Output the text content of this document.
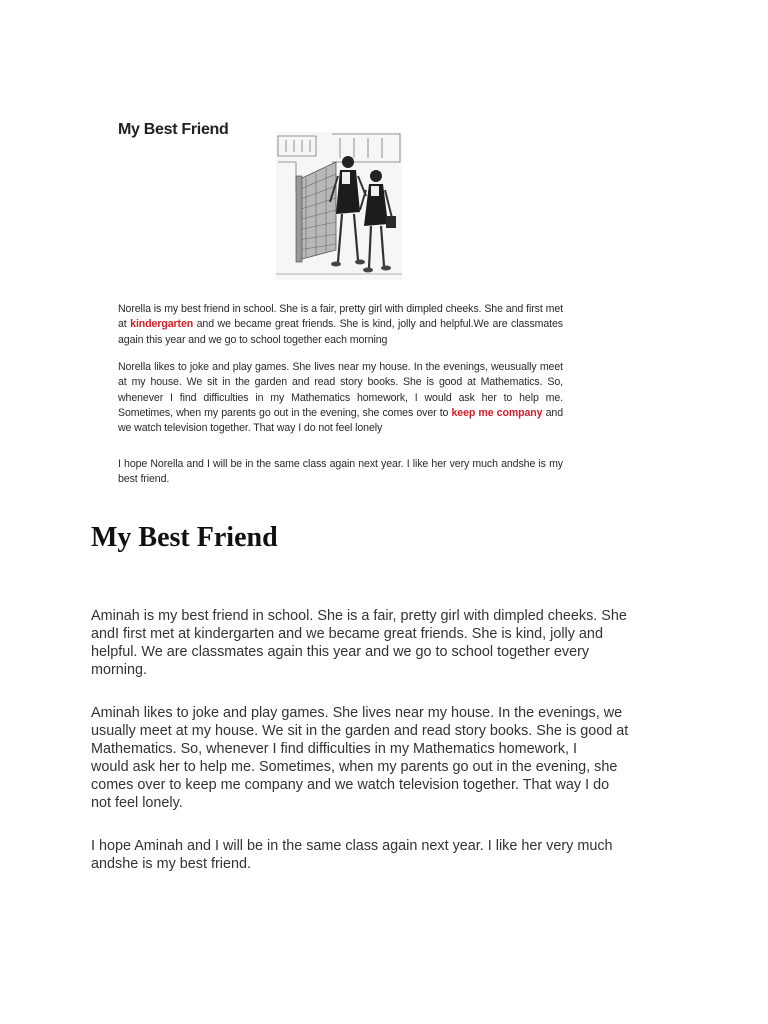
My Best Friend
Norella is my best friend in school. She is a fair, pretty girl with dimpled cheeks. She and first met at kindergarten and we became great friends. She is kind, jolly and helpful.We are classmates again this year and we go to school together each morning
Norella likes to joke and play games. She lives near my house. In the evenings, weusually meet at my house. We sit in the garden and read story books. She is good at Mathematics. So, whenever I find difficulties in my Mathematics homework, I would ask her to help me. Sometimes, when my parents go out in the evening, she comes over to keep me company and we watch television together. That way I do not feel lonely
I hope Norella and I will be in the same class again next year. I like her very much andshe is my best friend.
My Best Friend

Aminah is my best friend in school. She is a fair, pretty girl with dimpled cheeks. She
andI first met at kindergarten and we became great friends. She is kind, jolly and
helpful. We are classmates again this year and we go to school together every
morning.

Aminah likes to joke and play games. She lives near my house. In the evenings, we
usually meet at my house. We sit in the garden and read story books. She is good at
Mathematics. So, whenever I find difficulties in my Mathematics homework, I
would ask her to help me. Sometimes, when my parents go out in the evening, she
comes over to keep me company and we watch television together. That way I do
not feel lonely.

I hope Aminah and I will be in the same class again next year. I like her very much
andshe is my best friend.
